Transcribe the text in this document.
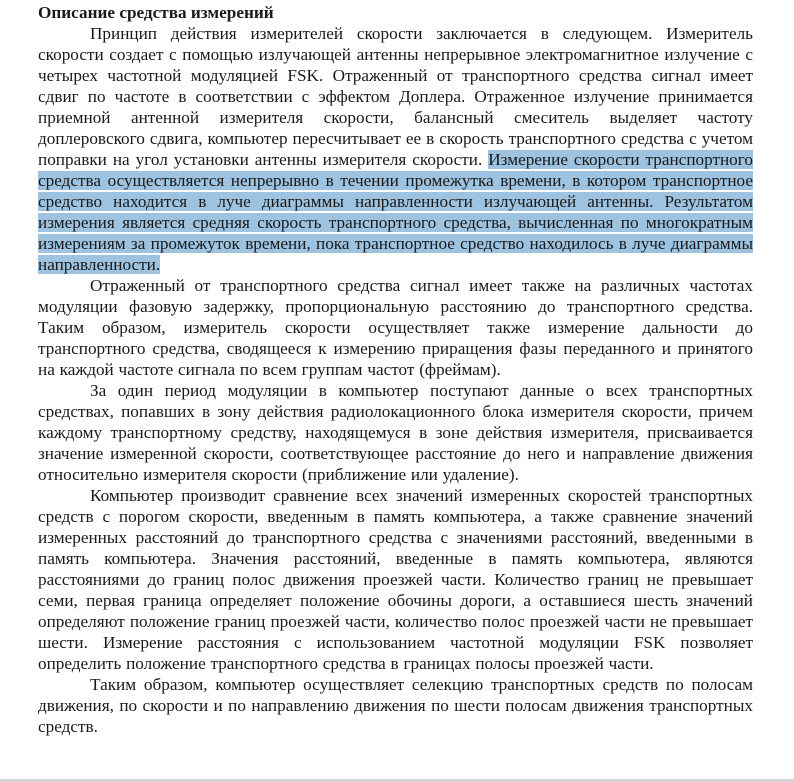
Описание средства измерений

Принцип действия измерителей скорости заключается в следующем. Измеритель скорости создает с помощью излучающей антенны непрерывное электромагнитное излучение с четырех частотной модуляцией FSK. Отраженный от транспортного средства сигнал имеет сдвиг по частоте в соответствии с эффектом Доплера. Отраженное излучение принимается приемной антенной измерителя скорости, балансный смеситель выделяет частоту доплеровского сдвига, компьютер пересчитывает ее в скорость транспортного средства с учетом поправки на угол установки антенны измерителя скорости. Измерение скорости транспортного средства осуществляется непрерывно в течении промежутка времени, в котором транспортное средство находится в луче диаграммы направленности излучающей антенны. Результатом измерения является средняя скорость транспортного средства, вычисленная по многократным измерениям за промежуток времени, пока транспортное средство находилось в луче диаграммы направленности.

Отраженный от транспортного средства сигнал имеет также на различных частотах модуляции фазовую задержку, пропорциональную расстоянию до транспортного средства. Таким образом, измеритель скорости осуществляет также измерение дальности до транспортного средства, сводящееся к измерению приращения фазы переданного и принятого на каждой частоте сигнала по всем группам частот (фреймам).

За один период модуляции в компьютер поступают данные о всех транспортных средствах, попавших в зону действия радиолокационного блока измерителя скорости, причем каждому транспортному средству, находящемуся в зоне действия измерителя, присваивается значение измеренной скорости, соответствующее расстояние до него и направление движения относительно измерителя скорости (приближение или удаление).

Компьютер производит сравнение всех значений измеренных скоростей транспортных средств с порогом скорости, введенным в память компьютера, а также сравнение значений измеренных расстояний до транспортного средства с значениями расстояний, введенными в память компьютера. Значения расстояний, введенные в память компьютера, являются расстояниями до границ полос движения проезжей части. Количество границ не превышает семи, первая граница определяет положение обочины дороги, а оставшиеся шесть значений определяют положение границ проезжей части, количество полос проезжей части не превышает шести. Измерение расстояния с использованием частотной модуляции FSK позволяет определить положение транспортного средства в границах полосы проезжей части.

Таким образом, компьютер осуществляет селекцию транспортных средств по полосам движения, по скорости и по направлению движения по шести полосам движения транспортных средств.
